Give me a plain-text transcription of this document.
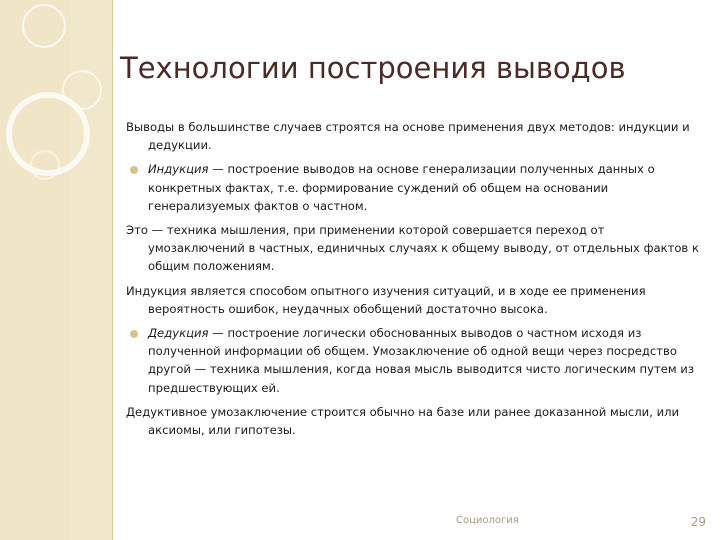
Технологии построения выводов

Выводы в большинстве случаев строятся на основе применения двух методов: индукции и дедукции.

Индукция — построение выводов на основе генерализации полученных данных о конкретных фактах, т.е. формирование суждений об общем на основании генерализуемых фактов о частном.

Это — техника мышления, при применении которой совершается переход от умозаключений в частных, единичных случаях к общему выводу, от отдельных фактов к общим положениям.

Индукция является способом опытного изучения ситуаций, и в ходе ее применения вероятность ошибок, неудачных обобщений достаточно высока.

Дедукция — построение логически обоснованных выводов о частном исходя из полученной информации об общем. Умозаключение об одной вещи через посредство другой — техника мышления, когда новая мысль выводится чисто логическим путем из предшествующих ей.

Дедуктивное умозаключение строится обычно на базе или ранее доказанной мысли, или аксиомы, или гипотезы.

Социология	29
